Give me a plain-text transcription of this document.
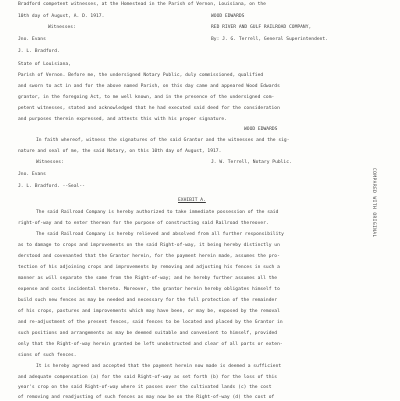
Bradford competent witnesses, at the Homestead in the Parish of Vernon, Louisiana, on the
10th day of August, A. D. 1917.	WOOD EDWARDS
Witnesses:	RED RIVER AND GULF RAILROAD COMPANY,
Jno. Evans	By: J. G. Terrell, General Superintendent.
J. L. Bradford.
State of Louisiana,
Parish of Vernon. Before me, the undersigned Notary Public, duly commissioned, qualified
and sworn to act in and for the above named Parish, on this day came and appeared Wood Edwards
grantor, in the foregoing Act, to me well known, and in the presence of the undersigned com-
petent witnesses, stated and acknowledged that he had executed said deed for the consideration
and purposes therein expressed, and attests this with his proper signature.
WOOD EDWARDS
In faith whereof, witness the signatures of the said Grantor and the witnesses and the sig-
nature and seal of me, the said Notary, on this 10th day of August, 1917.
Witnesses:	J. W. Terrell, Notary Public.
Jno. Evans
J. L. Bradford. --Seal--
EXHIBIT A.
The said Railroad Company is hereby authorized to take immediate possession of the said
right-of-way and to enter thereon for the purpose of constructing said Railroad thereover.
The said Railroad Company is hereby relieved and absolved from all further responsibility
as to damage to crops and improvements on the said Right-of-way, it being hereby distinctly un
derstood and covenanted that the Grantor herein, for the payment herein made, assumes the pro-
tection of his adjoining crops and improvements by removing and adjusting his fences in such a
manner as will separate the same from the Right-of-way; and he hereby further assumes all the
expense and costs incidental thereto. Moreover, the grantor herein hereby obligates himself to
build such new fences as may be needed and necessary for the full protection of the remainder
of his crops, pastures and improvements which may have been, or may be, exposed by the removal
and re-adjustment of the present fences, said fences to be located and placed by the Grantor in
such positions and arrangements as may be deemed suitable and convenient to himself, provided
only that the Right-of-way herein granted be left unobstructed and clear of all parts or exten-
sions of such fences.
It is hereby agreed and accepted that the payment herein now made is deemed a sufficient
and adequate compensation (a) for the said Right-of-way as set forth (b) for the loss of this
year's crop on the said Right-of-way where it passes over the cultivated lands (c) the cost
of removing and readjusting of such fences as may now be on the Right-of-way (d) the cost of
COMPARED WITH ORIGINAL
